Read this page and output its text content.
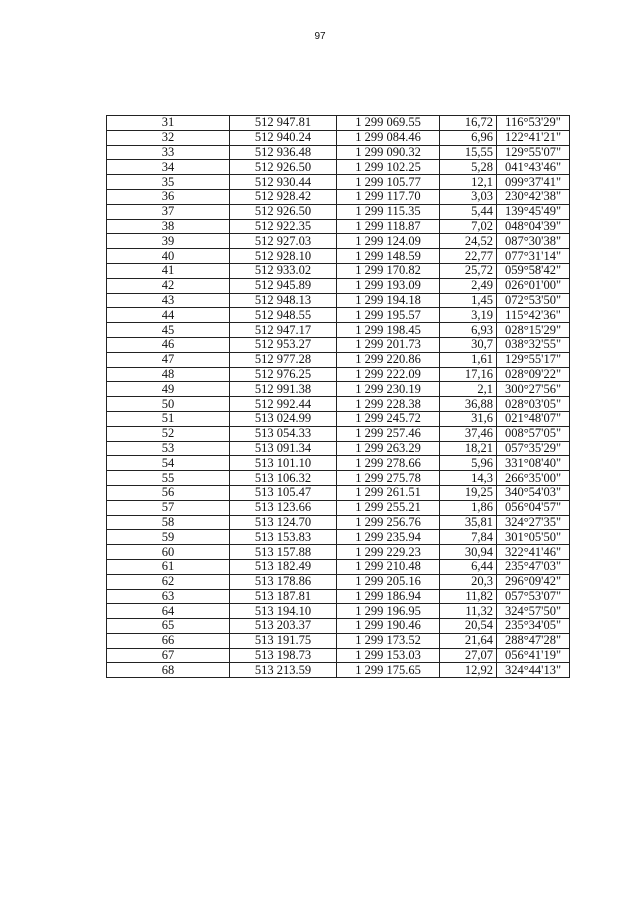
97
31	512 947.81	1 299 069.55	16,72	116°53'29"
32	512 940.24	1 299 084.46	6,96	122°41'21"
33	512 936.48	1 299 090.32	15,55	129°55'07"
34	512 926.50	1 299 102.25	5,28	041°43'46"
35	512 930.44	1 299 105.77	12,1	099°37'41"
36	512 928.42	1 299 117.70	3,03	230°42'38"
37	512 926.50	1 299 115.35	5,44	139°45'49"
38	512 922.35	1 299 118.87	7,02	048°04'39"
39	512 927.03	1 299 124.09	24,52	087°30'38"
40	512 928.10	1 299 148.59	22,77	077°31'14"
41	512 933.02	1 299 170.82	25,72	059°58'42"
42	512 945.89	1 299 193.09	2,49	026°01'00"
43	512 948.13	1 299 194.18	1,45	072°53'50"
44	512 948.55	1 299 195.57	3,19	115°42'36"
45	512 947.17	1 299 198.45	6,93	028°15'29"
46	512 953.27	1 299 201.73	30,7	038°32'55"
47	512 977.28	1 299 220.86	1,61	129°55'17"
48	512 976.25	1 299 222.09	17,16	028°09'22"
49	512 991.38	1 299 230.19	2,1	300°27'56"
50	512 992.44	1 299 228.38	36,88	028°03'05"
51	513 024.99	1 299 245.72	31,6	021°48'07"
52	513 054.33	1 299 257.46	37,46	008°57'05"
53	513 091.34	1 299 263.29	18,21	057°35'29"
54	513 101.10	1 299 278.66	5,96	331°08'40"
55	513 106.32	1 299 275.78	14,3	266°35'00"
56	513 105.47	1 299 261.51	19,25	340°54'03"
57	513 123.66	1 299 255.21	1,86	056°04'57"
58	513 124.70	1 299 256.76	35,81	324°27'35"
59	513 153.83	1 299 235.94	7,84	301°05'50"
60	513 157.88	1 299 229.23	30,94	322°41'46"
61	513 182.49	1 299 210.48	6,44	235°47'03"
62	513 178.86	1 299 205.16	20,3	296°09'42"
63	513 187.81	1 299 186.94	11,82	057°53'07"
64	513 194.10	1 299 196.95	11,32	324°57'50"
65	513 203.37	1 299 190.46	20,54	235°34'05"
66	513 191.75	1 299 173.52	21,64	288°47'28"
67	513 198.73	1 299 153.03	27,07	056°41'19"
68	513 213.59	1 299 175.65	12,92	324°44'13"
